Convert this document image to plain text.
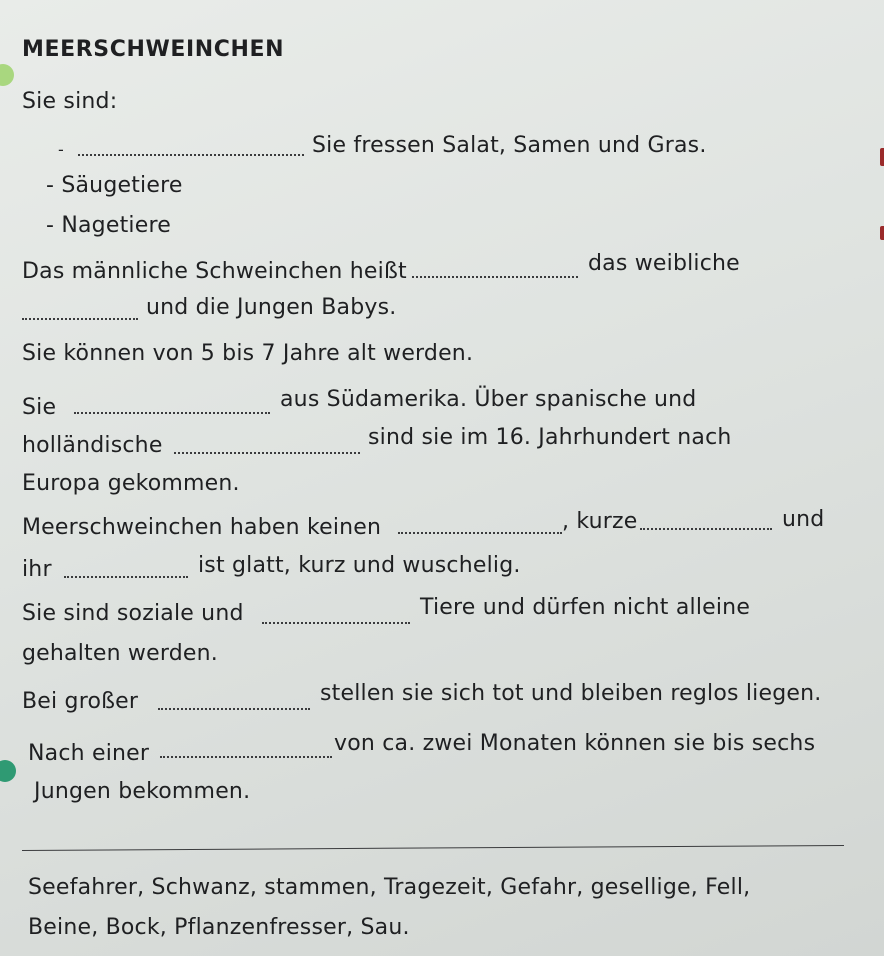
MEERSCHWEINCHEN
Sie sind:
-	Sie fressen Salat, Samen und Gras.
- Säugetiere
- Nagetiere
Das männliche Schweinchen heißt	das weibliche
und die Jungen Babys.
Sie können von 5 bis 7 Jahre alt werden.
Sie	aus Südamerika. Über spanische und
holländische	sind sie im 16. Jahrhundert nach
Europa gekommen.
Meerschweinchen haben keinen	, kurze	und
ihr	ist glatt, kurz und wuschelig.
Sie sind soziale und	Tiere und dürfen nicht alleine
gehalten werden.
Bei großer	stellen sie sich tot und bleiben reglos liegen.
Nach einer	von ca. zwei Monaten können sie bis sechs
Jungen bekommen.
Seefahrer, Schwanz, stammen, Tragezeit, Gefahr, gesellige, Fell,
Beine, Bock, Pflanzenfresser, Sau.
